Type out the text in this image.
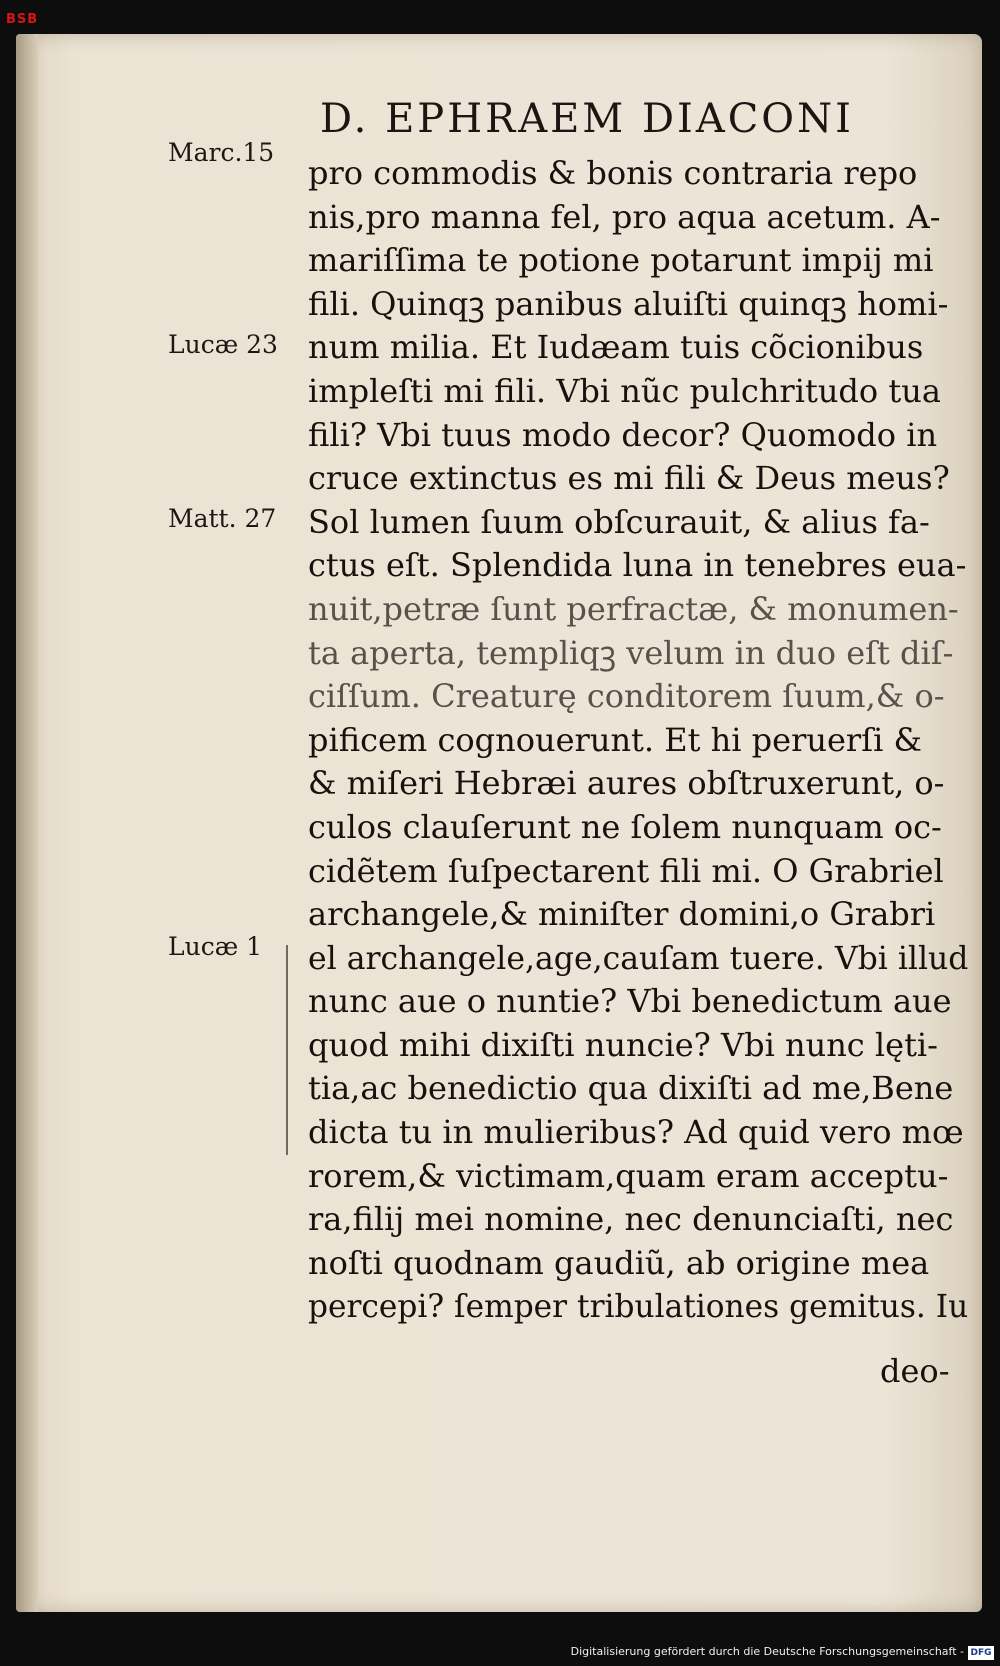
BSB
D. EPHRAEM DIACONI
Marc.15
Lucæ 23
Matt. 27
Lucæ 1
pro commodis & bonis contraria repo
nis,pro manna fel, pro aqua acetum. A-
mariſſima te potione potarunt impij mi
fili. Quinqꝫ panibus aluiſti quinqꝫ homi-
num milia. Et Iudæam tuis cõcionibus
impleſti mi fili. Vbi nũc pulchritudo tua
fili? Vbi tuus modo decor? Quomodo in
cruce extinctus es mi fili & Deus meus?
Sol lumen ſuum obſcurauit, & alius fa-
ctus eſt. Splendida luna in tenebres eua-
nuit,petræ ſunt perfractæ, & monumen-
ta aperta, templiqꝫ velum in duo eſt diſ-
ciſſum. Creaturę conditorem ſuum,& o-
pificem cognouerunt. Et hi peruerſi &
& miſeri Hebræi aures obſtruxerunt, o-
culos clauſerunt ne ſolem nunquam oc-
cidẽtem ſuſpectarent fili mi. O Grabriel
archangele,& miniſter domini,o Grabri
el archangele,age,cauſam tuere. Vbi illud
nunc aue o nuntie? Vbi benedictum aue
quod mihi dixiſti nuncie? Vbi nunc lęti-
tia,ac benedictio qua dixiſti ad me,Bene
dicta tu in mulieribus? Ad quid vero mœ
rorem,& victimam,quam eram acceptu-
ra,filij mei nomine, nec denunciaſti, nec
noſti quodnam gaudiũ, ab origine mea
percepi? ſemper tribulationes gemitus. Iu
deo-
Digitalisierung gefördert durch die Deutsche Forschungsgemeinschaft - DFG
